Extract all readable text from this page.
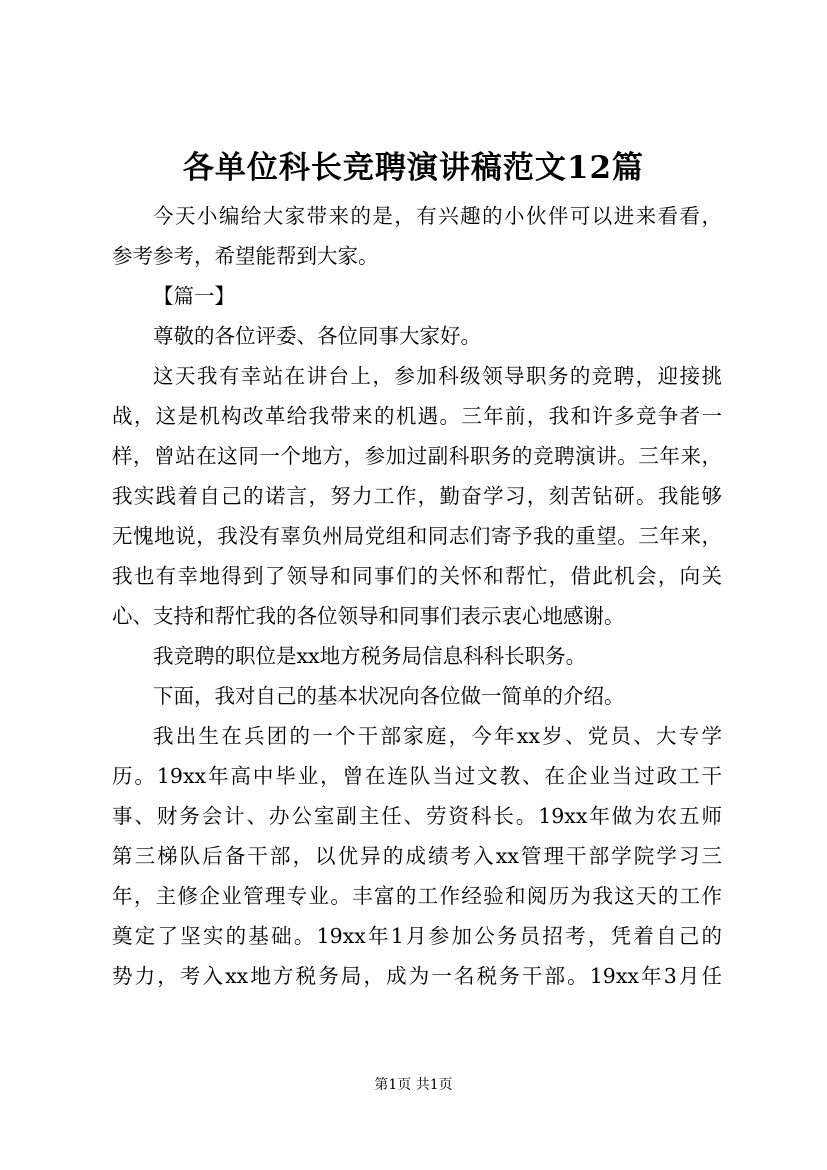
各单位科长竞聘演讲稿范文12篇
今天小编给大家带来的是，有兴趣的小伙伴可以进来看看，
参考参考，希望能帮到大家。
【篇一】
尊敬的各位评委、各位同事大家好。
这天我有幸站在讲台上，参加科级领导职务的竞聘，迎接挑
战，这是机构改革给我带来的机遇。三年前，我和许多竞争者一
样，曾站在这同一个地方，参加过副科职务的竞聘演讲。三年来，
我实践着自己的诺言，努力工作，勤奋学习，刻苦钻研。我能够
无愧地说，我没有辜负州局党组和同志们寄予我的重望。三年来，
我也有幸地得到了领导和同事们的关怀和帮忙，借此机会，向关
心、支持和帮忙我的各位领导和同事们表示衷心地感谢。
我竞聘的职位是xx地方税务局信息科科长职务。
下面，我对自己的基本状况向各位做一简单的介绍。
我出生在兵团的一个干部家庭，今年xx岁、党员、大专学
历。19xx年高中毕业，曾在连队当过文教、在企业当过政工干
事、财务会计、办公室副主任、劳资科长。19xx年做为农五师
第三梯队后备干部，以优异的成绩考入xx管理干部学院学习三
年，主修企业管理专业。丰富的工作经验和阅历为我这天的工作
奠定了坚实的基础。19xx年1月参加公务员招考，凭着自己的
势力，考入xx地方税务局，成为一名税务干部。19xx年3月任
第1页 共1页
